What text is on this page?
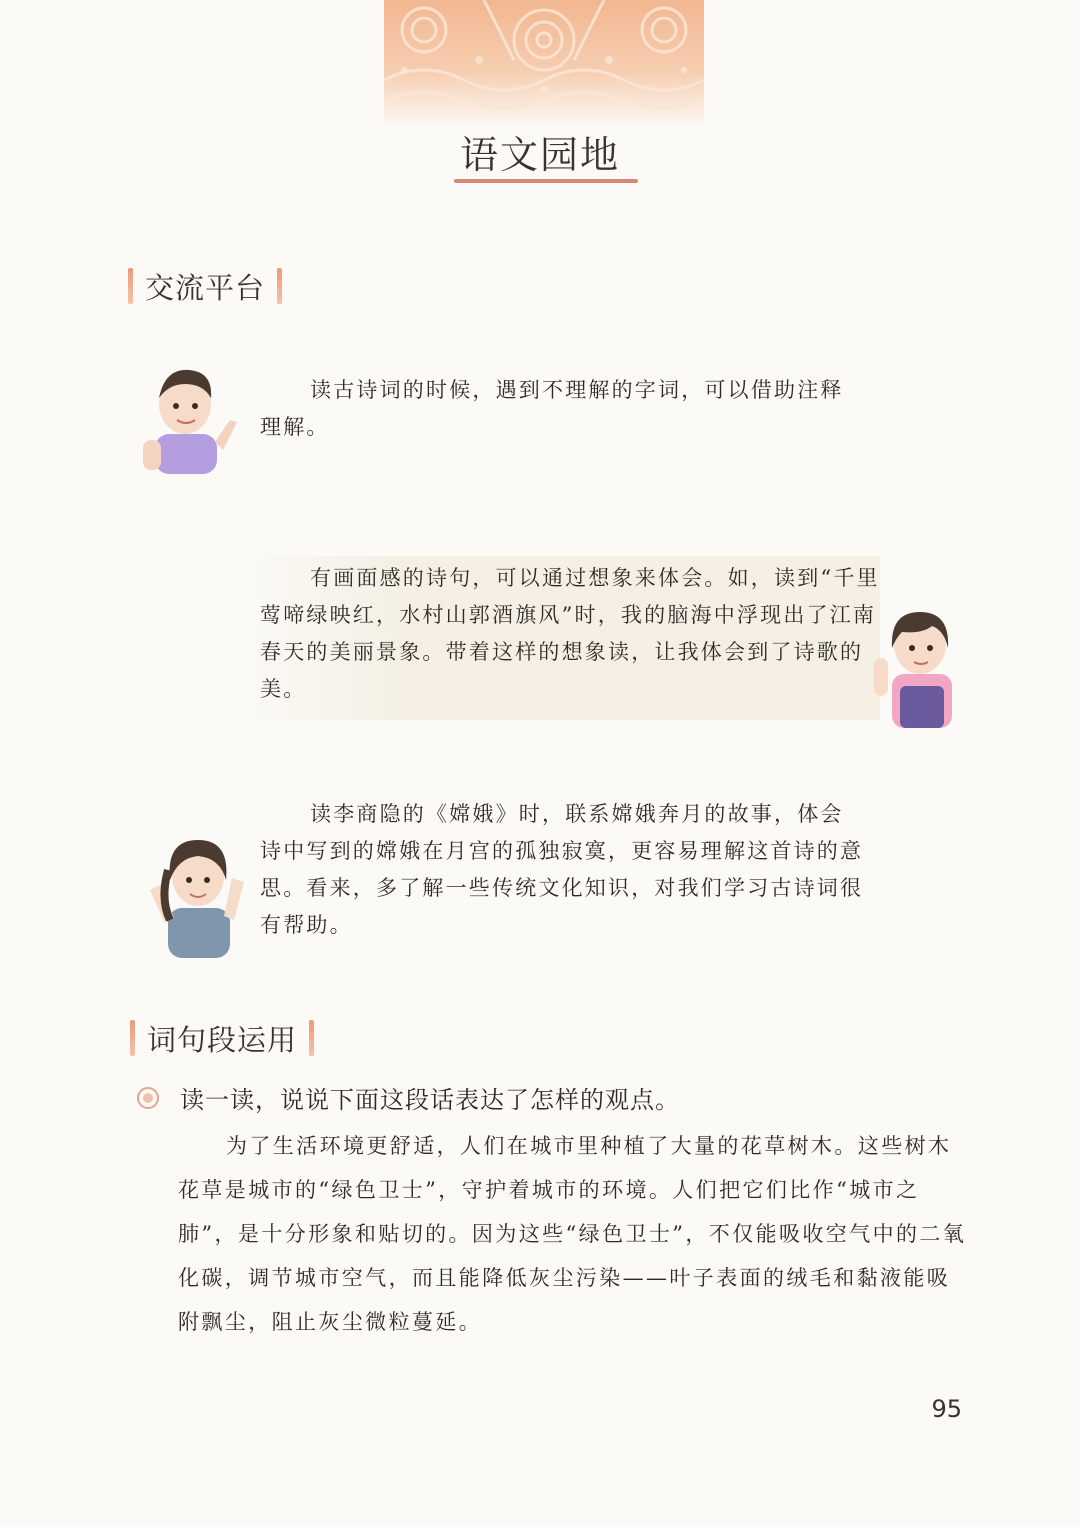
语文园地
交流平台

读古诗词的时候，遇到不理解的字词，可以借助注释理解。

有画面感的诗句，可以通过想象来体会。如，读到“千里莺啼绿映红，水村山郭酒旗风”时，我的脑海中浮现出了江南春天的美丽景象。带着这样的想象读，让我体会到了诗歌的美。

读李商隐的《嫦娥》时，联系嫦娥奔月的故事，体会诗中写到的嫦娥在月宫的孤独寂寞，更容易理解这首诗的意思。看来，多了解一些传统文化知识，对我们学习古诗词很有帮助。

词句段运用
读一读，说说下面这段话表达了怎样的观点。

为了生活环境更舒适，人们在城市里种植了大量的花草树木。这些树木花草是城市的“绿色卫士”，守护着城市的环境。人们把它们比作“城市之肺”，是十分形象和贴切的。因为这些“绿色卫士”，不仅能吸收空气中的二氧化碳，调节城市空气，而且能降低灰尘污染——叶子表面的绒毛和黏液能吸附飘尘，阻止灰尘微粒蔓延。

95
